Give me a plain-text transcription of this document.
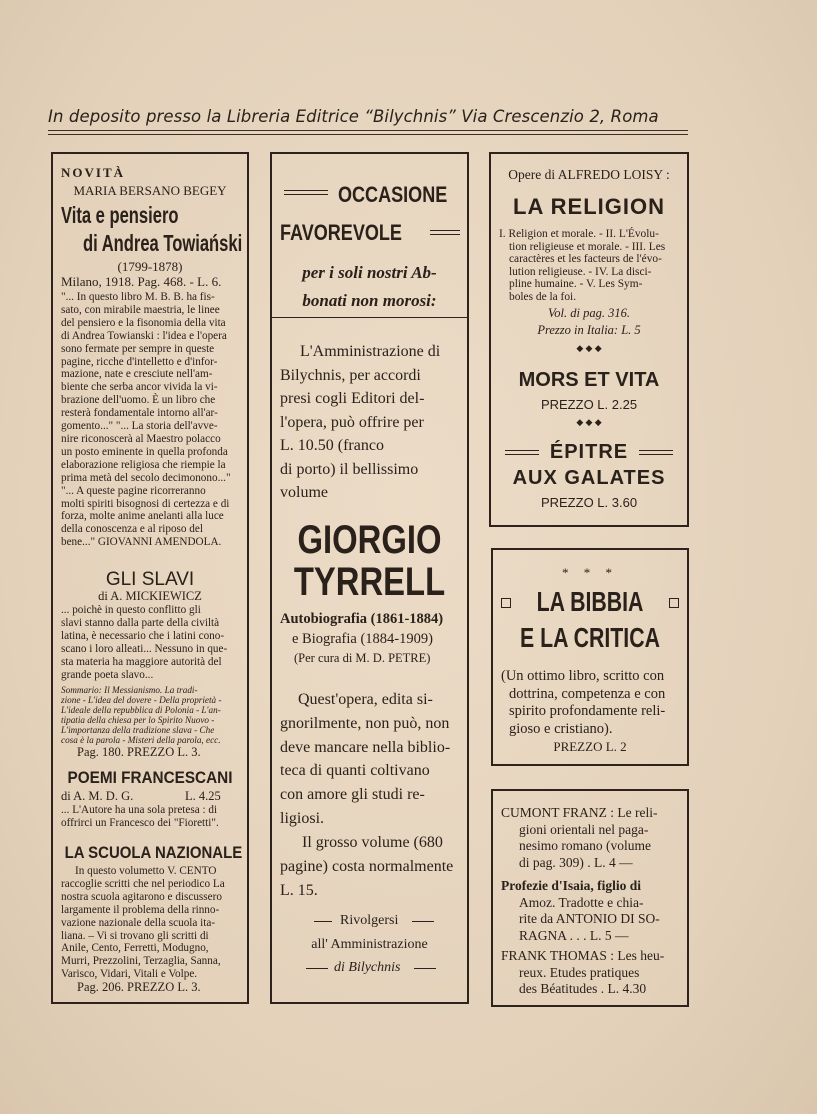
In deposito presso la Libreria Editrice “Bilychnis” Via Crescenzio 2, Roma
NOVITÀ
MARIA BERSANO BEGEY
Vita e pensiero
di Andrea Towiański
(1799-1878)
Milano, 1918. Pag. 468. - L. 6.
"... In questo libro M. B. B. ha fis-
sato, con mirabile maestria, le linee
del pensiero e la fisonomia della vita
di Andrea Towianski : l'idea e l'opera
sono fermate per sempre in queste
pagine, ricche d'intelletto e d'infor-
mazione, nate e cresciute nell'am-
biente che serba ancor vivida la vi-
brazione dell'uomo. È un libro che
resterà fondamentale intorno all'ar-
gomento..." "... La storia dell'avve-
nire riconoscerà al Maestro polacco
un posto eminente in quella profonda
elaborazione religiosa che riempie la
prima metà del secolo decimonono..."
"... A queste pagine ricorreranno
molti spiriti bisognosi di certezza e di
forza, molte anime anelanti alla luce
della conoscenza e al riposo del
bene..." GIOVANNI AMENDOLA.
GLI SLAVI
di A. MICKIEWICZ
... poichè in questo conflitto gli
slavi stanno dalla parte della civiltà
latina, è necessario che i latini cono-
scano i loro alleati... Nessuno in que-
sta materia ha maggiore autorità del
grande poeta slavo...
Sommario: Il Messianismo. La tradi-
zione - L'idea del dovere - Della proprietà -
L'ideale della repubblica di Polonia - L'an-
tipatia della chiesa per lo Spirito Nuovo -
L'importanza della tradizione slava - Che
cosa è la parola - Misteri della parola, ecc.
Pag. 180. PREZZO L. 3.
POEMI FRANCESCANI
di A. M. D. G.	L. 4.25
... L'Autore ha una sola pretesa : di
offrirci un Francesco dei "Fioretti".
LA SCUOLA NAZIONALE
In questo volumetto V. CENTO
raccoglie scritti che nel periodico La
nostra scuola agitarono e discussero
largamente il problema della rinno-
vazione nazionale della scuola ita-
liana. – Vi si trovano gli scritti di
Anile, Cento, Ferretti, Modugno,
Murri, Prezzolini, Terzaglia, Sanna,
Varisco, Vidari, Vitali e Volpe.
Pag. 206. PREZZO L. 3.
OCCASIONE
FAVOREVOLE
per i soli nostri Ab-
bonati non morosi:
L'Amministrazione di
Bilychnis, per accordi
presi cogli Editori del-
l'opera, può offrire per
L. 10.50 (franco
di porto) il bellissimo
volume
GIORGIO
TYRRELL
Autobiografia (1861-1884)
e Biografia (1884-1909)
(Per cura di M. D. PETRE)
Quest'opera, edita si-
gnorilmente, non può, non
deve mancare nella biblio-
teca di quanti coltivano
con amore gli studi re-
ligiosi.
Il grosso volume (680
pagine) costa normalmente
L. 15.
Rivolgersi
all' Amministrazione
di Bilychnis
Opere di ALFREDO LOISY :
LA RELIGION
I. Religion et morale. - II. L'Évolu-
tion religieuse et morale. - III. Les
caractères et les facteurs de l'évo-
lution religieuse. - IV. La disci-
pline humaine. - V. Les Sym-
boles de la foi.
Vol. di pag. 316.
Prezzo in Italia: L. 5
◆ ◆ ◆
MORS ET VITA
PREZZO L. 2.25
◆ ◆ ◆
ÉPITRE
AUX GALATES
PREZZO L. 3.60
* * *
LA BIBBIA
E LA CRITICA
(Un ottimo libro, scritto con
dottrina, competenza e con
spirito profondamente reli-
gioso e cristiano).
PREZZO L. 2
CUMONT FRANZ : Le reli-
gioni orientali nel paga-
nesimo romano (volume
di pag. 309) . L. 4 —
Profezie d'Isaia, figlio di
Amoz. Tradotte e chia-
rite da ANTONIO DI SO-
RAGNA . . . L. 5 —
FRANK THOMAS : Les heu-
reux. Etudes pratiques
des Béatitudes . L. 4.30
